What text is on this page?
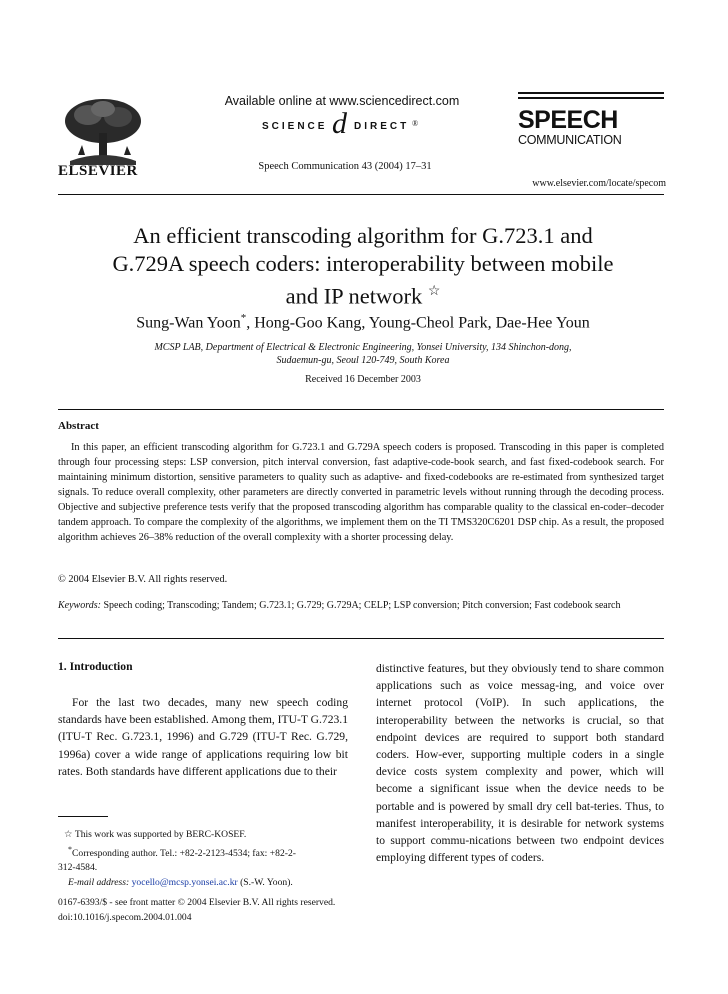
ELSEVIER
Available online at www.sciencedirect.com
SCIENCE d DIRECT ®
Speech Communication 43 (2004) 17–31
SPEECH
COMMUNICATION
www.elsevier.com/locate/specom
An efficient transcoding algorithm for G.723.1 and
G.729A speech coders: interoperability between mobile
and IP network ☆
Sung-Wan Yoon*, Hong-Goo Kang, Young-Cheol Park, Dae-Hee Youn
MCSP LAB, Department of Electrical & Electronic Engineering, Yonsei University, 134 Shinchon-dong,
Sudaemun-gu, Seoul 120-749, South Korea
Received 16 December 2003
Abstract

In this paper, an efficient transcoding algorithm for G.723.1 and G.729A speech coders is proposed. Transcoding in this paper is completed through four processing steps: LSP conversion, pitch interval conversion, fast adaptive-code-book search, and fast fixed-codebook search. For maintaining minimum distortion, sensitive parameters to quality such as adaptive- and fixed-codebooks are re-estimated from synthesized target signals. To reduce overall complexity, other parameters are directly converted in parametric levels without running through the decoding process. Objective and subjective preference tests verify that the proposed transcoding algorithm has comparable quality to the classical en-coder–decoder tandem approach. To compare the complexity of the algorithms, we implement them on the TI TMS320C6201 DSP chip. As a result, the proposed algorithm achieves 26–38% reduction of the overall complexity with a shorter processing delay.

© 2004 Elsevier B.V. All rights reserved.
Keywords: Speech coding; Transcoding; Tandem; G.723.1; G.729; G.729A; CELP; LSP conversion; Pitch conversion; Fast codebook search
1. Introduction

For the last two decades, many new speech coding standards have been established. Among them, ITU-T G.723.1 (ITU-T Rec. G.723.1, 1996) and G.729 (ITU-T Rec. G.729, 1996a) cover a wide range of applications requiring low bit rates. Both standards have different applications due to their

distinctive features, but they obviously tend to share common applications such as voice messag-ing, and voice over internet protocol (VoIP). In such applications, the interoperability between the networks is crucial, so that endpoint devices are required to support both standard coders. How-ever, supporting multiple coders in a single device costs system complexity and power, which will become a significant issue when the device needs to be portable and is powered by small dry cell bat-teries. Thus, to manifest interoperability, it is desirable for network systems to support commu-nications between two endpoint devices employing different types of coders.

☆ This work was supported by BERC-KOSEF.
*Corresponding author. Tel.: +82-2-2123-4534; fax: +82-2-
312-4584.
E-mail address: yocello@mcsp.yonsei.ac.kr (S.-W. Yoon).
0167-6393/$ - see front matter © 2004 Elsevier B.V. All rights reserved.
doi:10.1016/j.specom.2004.01.004
